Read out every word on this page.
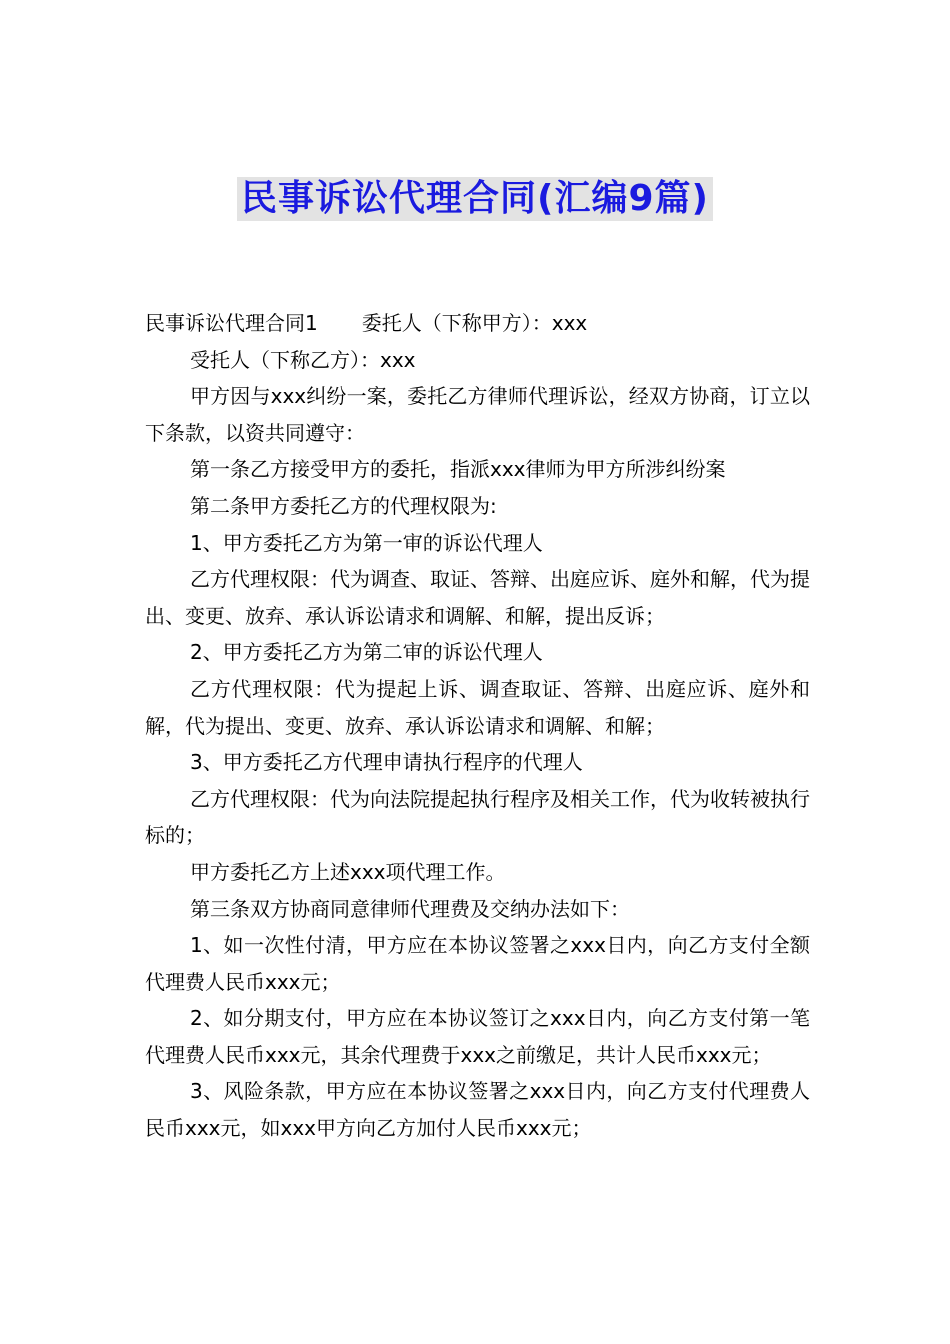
民事诉讼代理合同(汇编9篇)

民事诉讼代理合同1 委托人（下称甲方）：xxx

受托人（下称乙方）：xxx

甲方因与xxx纠纷一案，委托乙方律师代理诉讼，经双方协商，订立以下条款，以资共同遵守：

第一条乙方接受甲方的委托，指派xxx律师为甲方所涉纠纷案

第二条甲方委托乙方的代理权限为:

1、甲方委托乙方为第一审的诉讼代理人

乙方代理权限：代为调查、取证、答辩、出庭应诉、庭外和解，代为提出、变更、放弃、承认诉讼请求和调解、和解，提出反诉；

2、甲方委托乙方为第二审的诉讼代理人

乙方代理权限：代为提起上诉、调查取证、答辩、出庭应诉、庭外和解，代为提出、变更、放弃、承认诉讼请求和调解、和解；

3、甲方委托乙方代理申请执行程序的代理人

乙方代理权限：代为向法院提起执行程序及相关工作，代为收转被执行标的；

甲方委托乙方上述xxx项代理工作。

第三条双方协商同意律师代理费及交纳办法如下：

1、如一次性付清，甲方应在本协议签署之xxx日内，向乙方支付全额代理费人民币xxx元；

2、如分期支付，甲方应在本协议签订之xxx日内，向乙方支付第一笔代理费人民币xxx元，其余代理费于xxx之前缴足，共计人民币xxx元；

3、风险条款，甲方应在本协议签署之xxx日内，向乙方支付代理费人民币xxx元，如xxx甲方向乙方加付人民币xxx元；
